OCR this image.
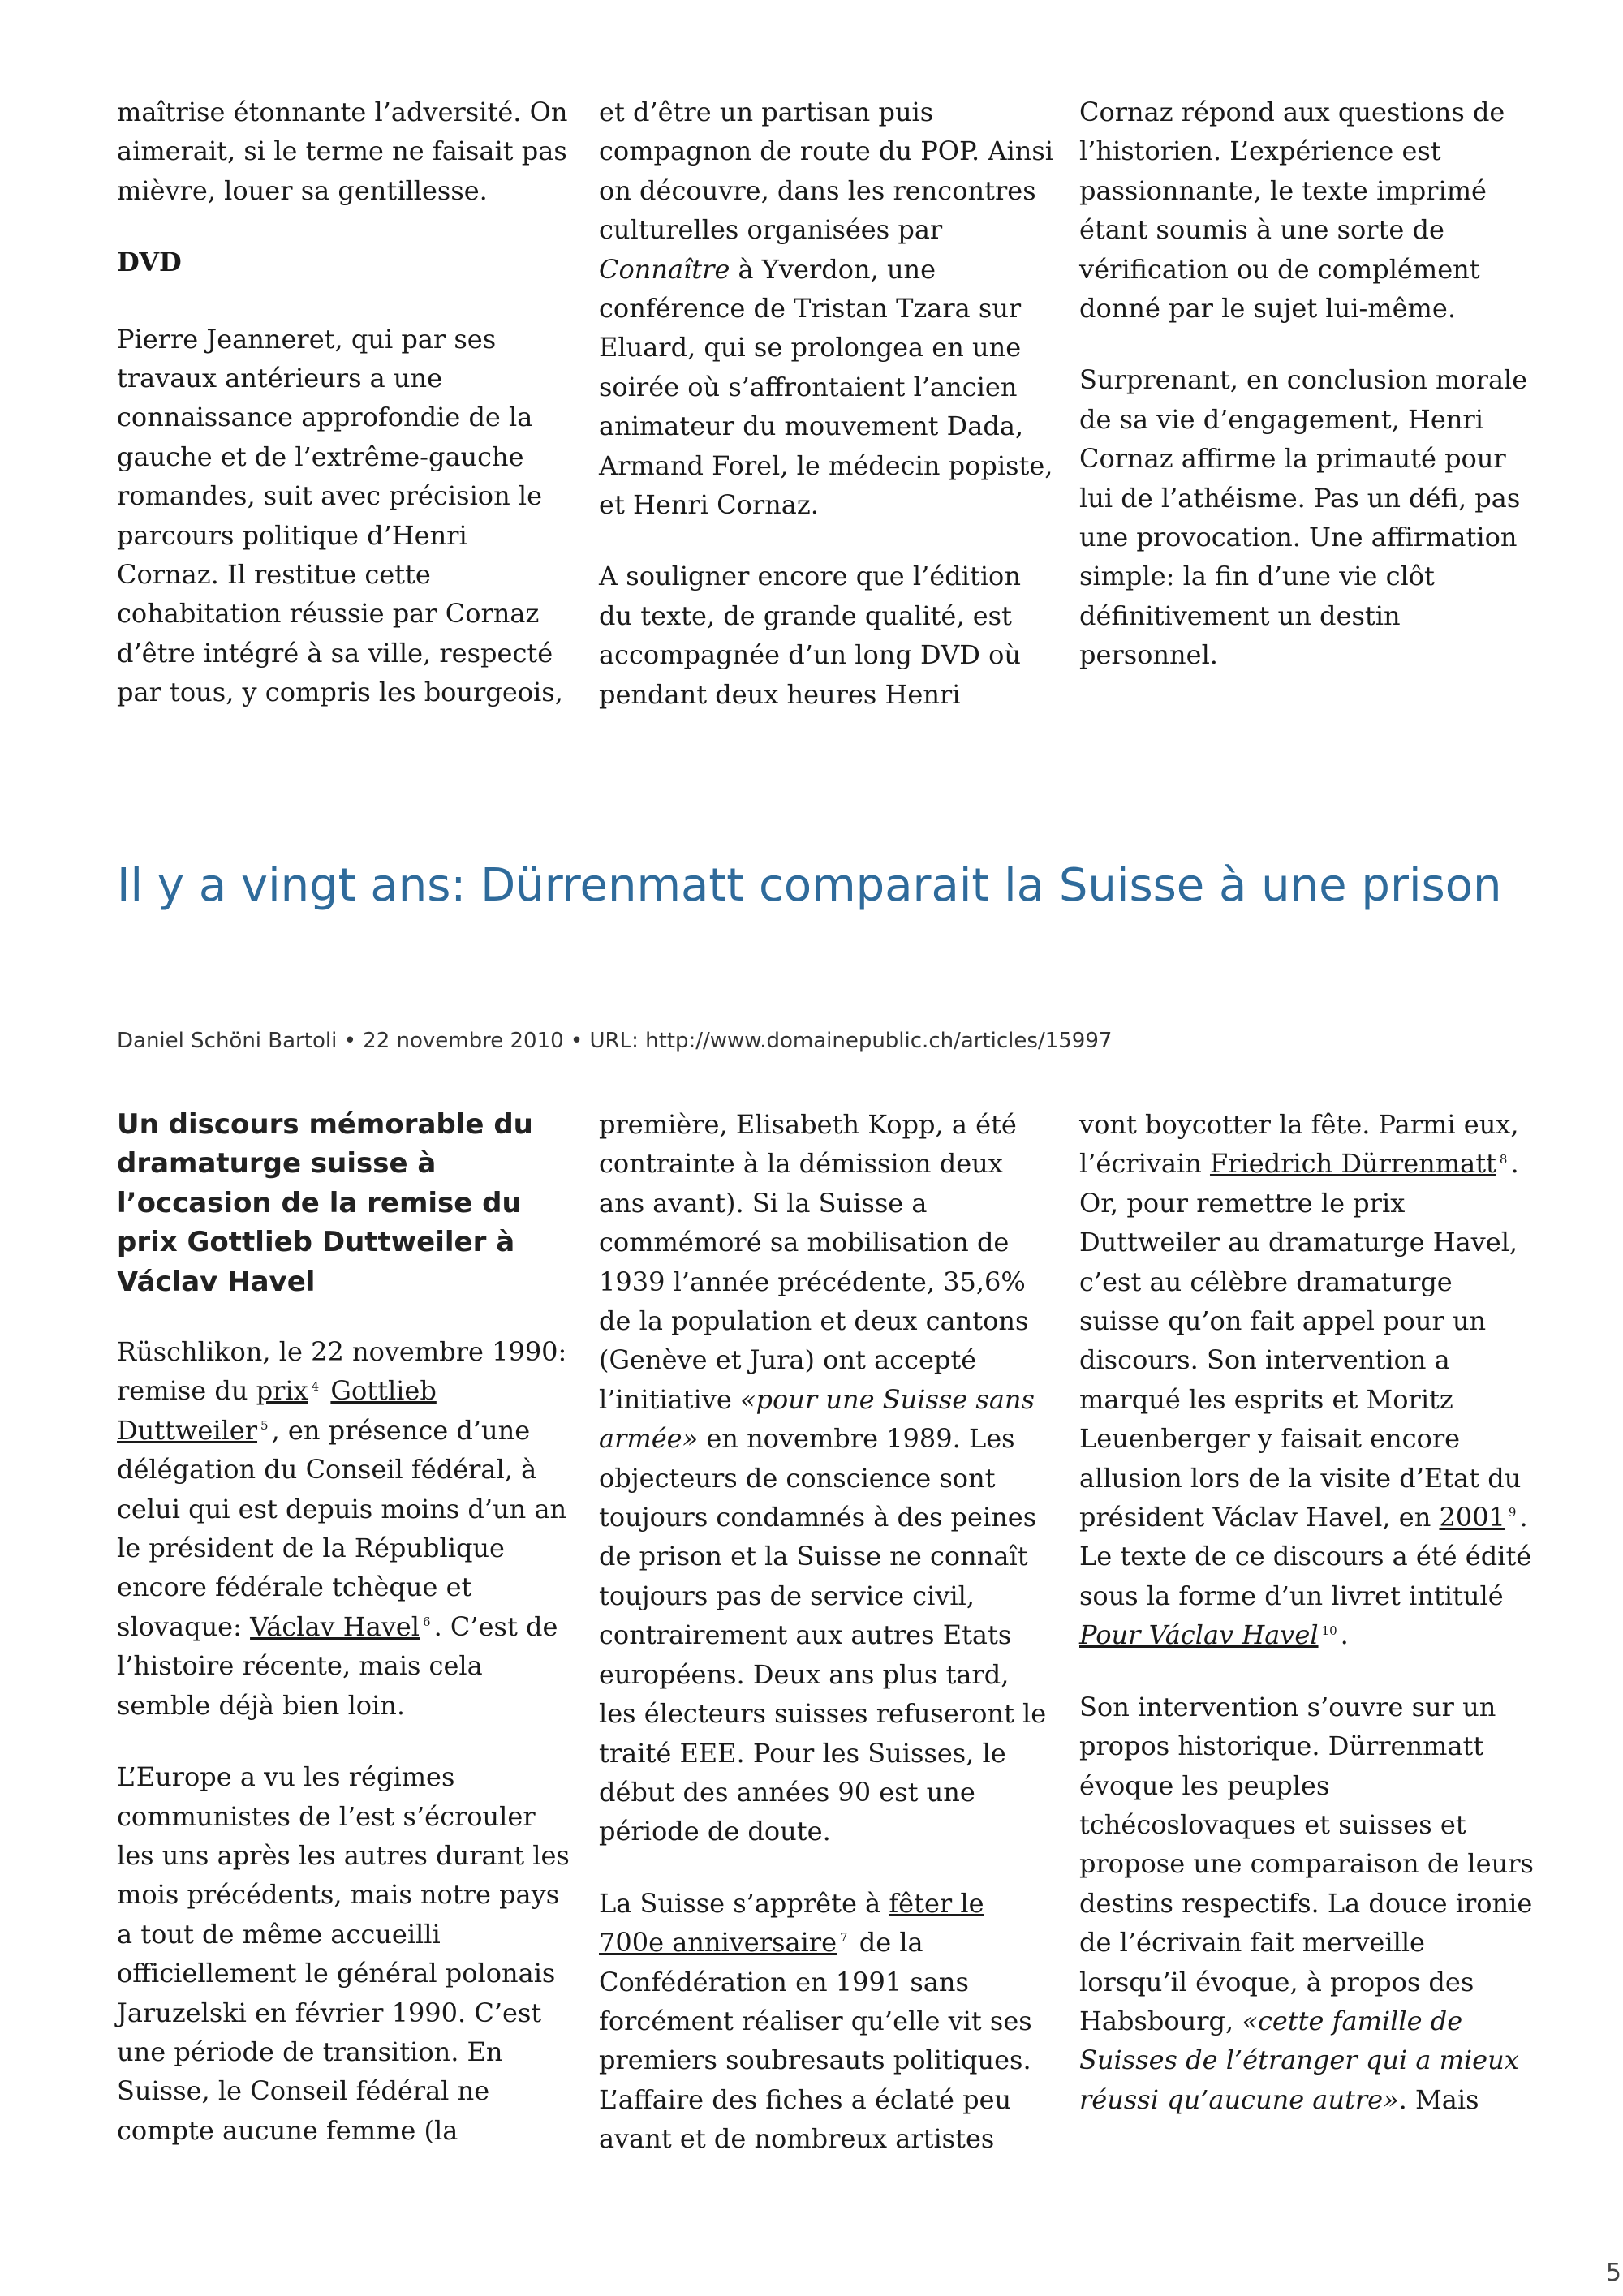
maîtrise étonnante l’adversité. On aimerait, si le terme ne faisait pas mièvre, louer sa gentillesse.

DVD

Pierre Jeanneret, qui par ses travaux antérieurs a une connaissance approfondie de la gauche et de l’extrême-gauche romandes, suit avec précision le parcours politique d’Henri Cornaz. Il restitue cette cohabitation réussie par Cornaz d’être intégré à sa ville, respecté par tous, y compris les bourgeois,

et d’être un partisan puis compagnon de route du POP. Ainsi on découvre, dans les rencontres culturelles organisées par Connaître à Yverdon, une conférence de Tristan Tzara sur Eluard, qui se prolongea en une soirée où s’affrontaient l’ancien animateur du mouvement Dada, Armand Forel, le médecin popiste, et Henri Cornaz.

A souligner encore que l’édition du texte, de grande qualité, est accompagnée d’un long DVD où pendant deux heures Henri

Cornaz répond aux questions de l’historien. L’expérience est passionnante, le texte imprimé étant soumis à une sorte de vérification ou de complément donné par le sujet lui-même.

Surprenant, en conclusion morale de sa vie d’engagement, Henri Cornaz affirme la primauté pour lui de l’athéisme. Pas un défi, pas une provocation. Une affirmation simple: la fin d’une vie clôt définitivement un destin personnel.

Il y a vingt ans: Dürrenmatt comparait la Suisse à une prison
Daniel Schöni Bartoli • 22 novembre 2010 • URL: http://www.domainepublic.ch/articles/15997
Un discours mémorable du dramaturge suisse à l’occasion de la remise du prix Gottlieb Duttweiler à Václav Havel

Rüschlikon, le 22 novembre 1990: remise du prix $^4$ Gottlieb Duttweiler $^5$ , en présence d’une délégation du Conseil fédéral, à celui qui est depuis moins d’un an le président de la République encore fédérale tchèque et slovaque: Václav Havel $^6$ . C’est de l’histoire récente, mais cela semble déjà bien loin.

L’Europe a vu les régimes communistes de l’est s’écrouler les uns après les autres durant les mois précédents, mais notre pays a tout de même accueilli officiellement le général polonais Jaruzelski en février 1990. C’est une période de transition. En Suisse, le Conseil fédéral ne compte aucune femme (la

première, Elisabeth Kopp, a été contrainte à la démission deux ans avant). Si la Suisse a commémoré sa mobilisation de 1939 l’année précédente, 35,6% de la population et deux cantons (Genève et Jura) ont accepté l’initiative «pour une Suisse sans armée» en novembre 1989. Les objecteurs de conscience sont toujours condamnés à des peines de prison et la Suisse ne connaît toujours pas de service civil, contrairement aux autres Etats européens. Deux ans plus tard, les électeurs suisses refuseront le traité EEE. Pour les Suisses, le début des années 90 est une période de doute.

La Suisse s’apprête à fêter le 700e anniversaire $^7$ de la Confédération en 1991 sans forcément réaliser qu’elle vit ses premiers soubresauts politiques. L’affaire des fiches a éclaté peu avant et de nombreux artistes

vont boycotter la fête. Parmi eux, l’écrivain Friedrich Dürrenmatt $^8$ . Or, pour remettre le prix Duttweiler au dramaturge Havel, c’est au célèbre dramaturge suisse qu’on fait appel pour un discours. Son intervention a marqué les esprits et Moritz Leuenberger y faisait encore allusion lors de la visite d’Etat du président Václav Havel, en 2001 $^9$ . Le texte de ce discours a été édité sous la forme d’un livret intitulé Pour Václav Havel $^{10}$ .

Son intervention s’ouvre sur un propos historique. Dürrenmatt évoque les peuples tchécoslovaques et suisses et propose une comparaison de leurs destins respectifs. La douce ironie de l’écrivain fait merveille lorsqu’il évoque, à propos des Habsbourg, «cette famille de Suisses de l’étranger qui a mieux réussi qu’aucune autre». Mais

5
